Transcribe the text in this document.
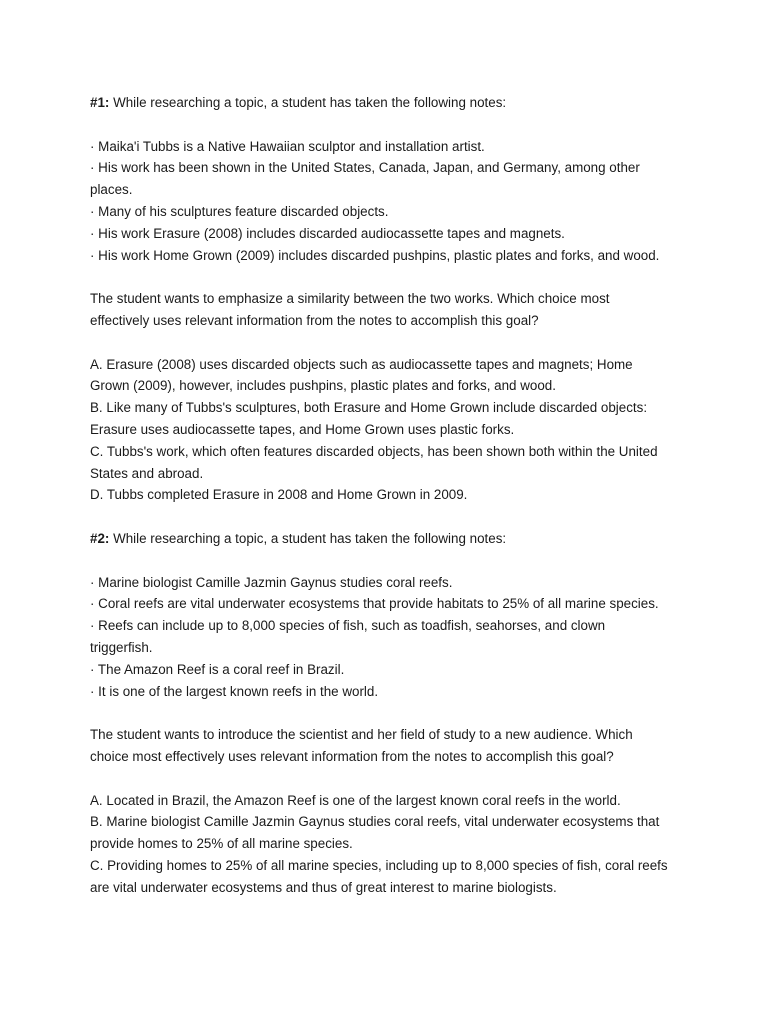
#1: While researching a topic, a student has taken the following notes:

· Maika'i Tubbs is a Native Hawaiian sculptor and installation artist.

· His work has been shown in the United States, Canada, Japan, and Germany, among other
places.

· Many of his sculptures feature discarded objects.

· His work Erasure (2008) includes discarded audiocassette tapes and magnets.

· His work Home Grown (2009) includes discarded pushpins, plastic plates and forks, and wood.

The student wants to emphasize a similarity between the two works. Which choice most
effectively uses relevant information from the notes to accomplish this goal?

A. Erasure (2008) uses discarded objects such as audiocassette tapes and magnets; Home
Grown (2009), however, includes pushpins, plastic plates and forks, and wood.

B. Like many of Tubbs's sculptures, both Erasure and Home Grown include discarded objects:
Erasure uses audiocassette tapes, and Home Grown uses plastic forks.

C. Tubbs's work, which often features discarded objects, has been shown both within the United
States and abroad.

D. Tubbs completed Erasure in 2008 and Home Grown in 2009.

#2: While researching a topic, a student has taken the following notes:

· Marine biologist Camille Jazmin Gaynus studies coral reefs.

· Coral reefs are vital underwater ecosystems that provide habitats to 25% of all marine species.

· Reefs can include up to 8,000 species of fish, such as toadfish, seahorses, and clown
triggerfish.

· The Amazon Reef is a coral reef in Brazil.

· It is one of the largest known reefs in the world.

The student wants to introduce the scientist and her field of study to a new audience. Which
choice most effectively uses relevant information from the notes to accomplish this goal?

A. Located in Brazil, the Amazon Reef is one of the largest known coral reefs in the world.

B. Marine biologist Camille Jazmin Gaynus studies coral reefs, vital underwater ecosystems that
provide homes to 25% of all marine species.

C. Providing homes to 25% of all marine species, including up to 8,000 species of fish, coral reefs
are vital underwater ecosystems and thus of great interest to marine biologists.
